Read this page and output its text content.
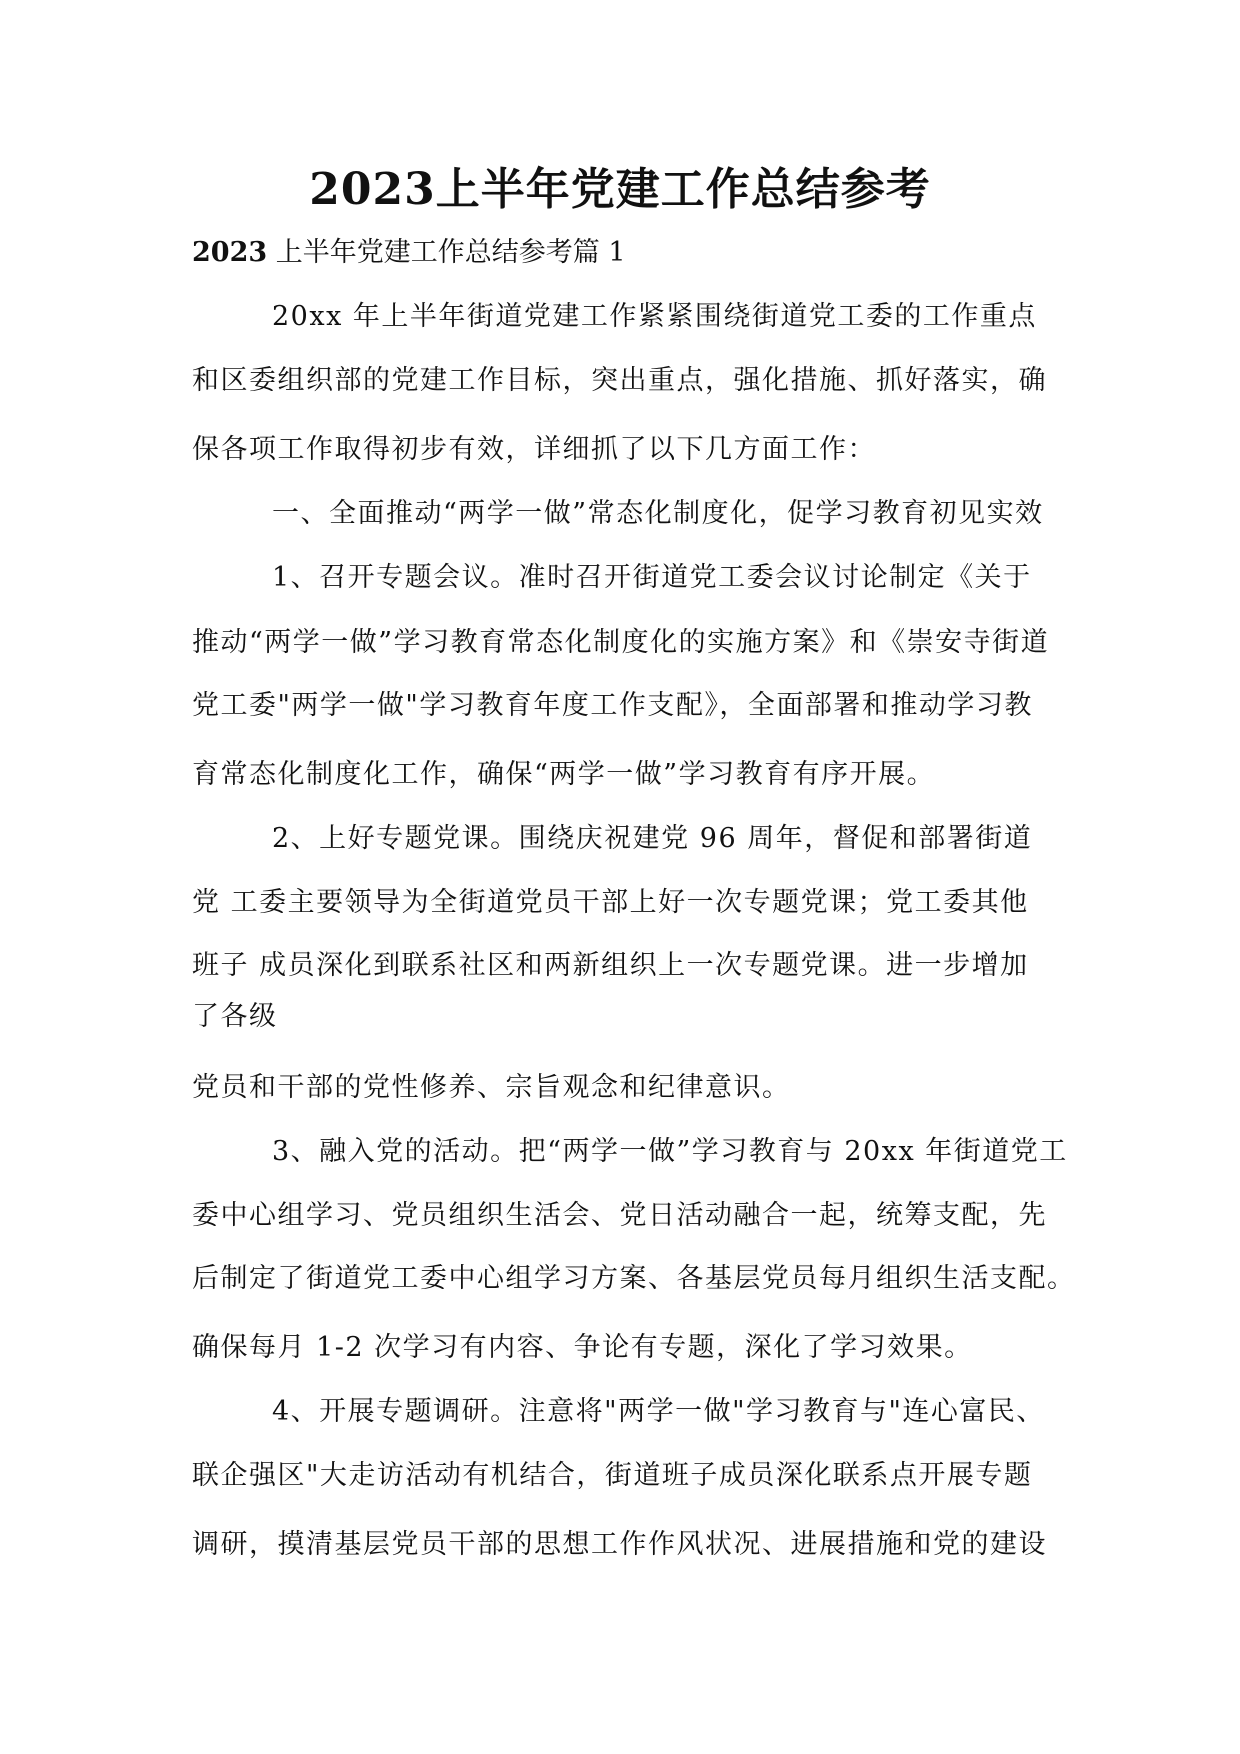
2023上半年党建工作总结参考

2023 上半年党建工作总结参考篇 1

20xx 年上半年街道党建工作紧紧围绕街道党工委的工作重点

和区委组织部的党建工作目标，突出重点，强化措施、抓好落实，确

保各项工作取得初步有效，详细抓了以下几方面工作：

一、全面推动“两学一做”常态化制度化，促学习教育初见实效

1、召开专题会议。准时召开街道党工委会议讨论制定《关于

推动“两学一做”学习教育常态化制度化的实施方案》和《崇安寺街道

党工委"两学一做"学习教育年度工作支配》，全面部署和推动学习教

育常态化制度化工作，确保“两学一做”学习教育有序开展。

2、上好专题党课。围绕庆祝建党 96 周年，督促和部署街道

党 工委主要领导为全街道党员干部上好一次专题党课；党工委其他

班子 成员深化到联系社区和两新组织上一次专题党课。进一步增加

了各级

党员和干部的党性修养、宗旨观念和纪律意识。

3、融入党的活动。把“两学一做”学习教育与 20xx 年街道党工

委中心组学习、党员组织生活会、党日活动融合一起，统筹支配，先

后制定了街道党工委中心组学习方案、各基层党员每月组织生活支配。

确保每月 1-2 次学习有内容、争论有专题，深化了学习效果。

4、开展专题调研。注意将"两学一做"学习教育与"连心富民、

联企强区"大走访活动有机结合，街道班子成员深化联系点开展专题

调研，摸清基层党员干部的思想工作作风状况、进展措施和党的建设
